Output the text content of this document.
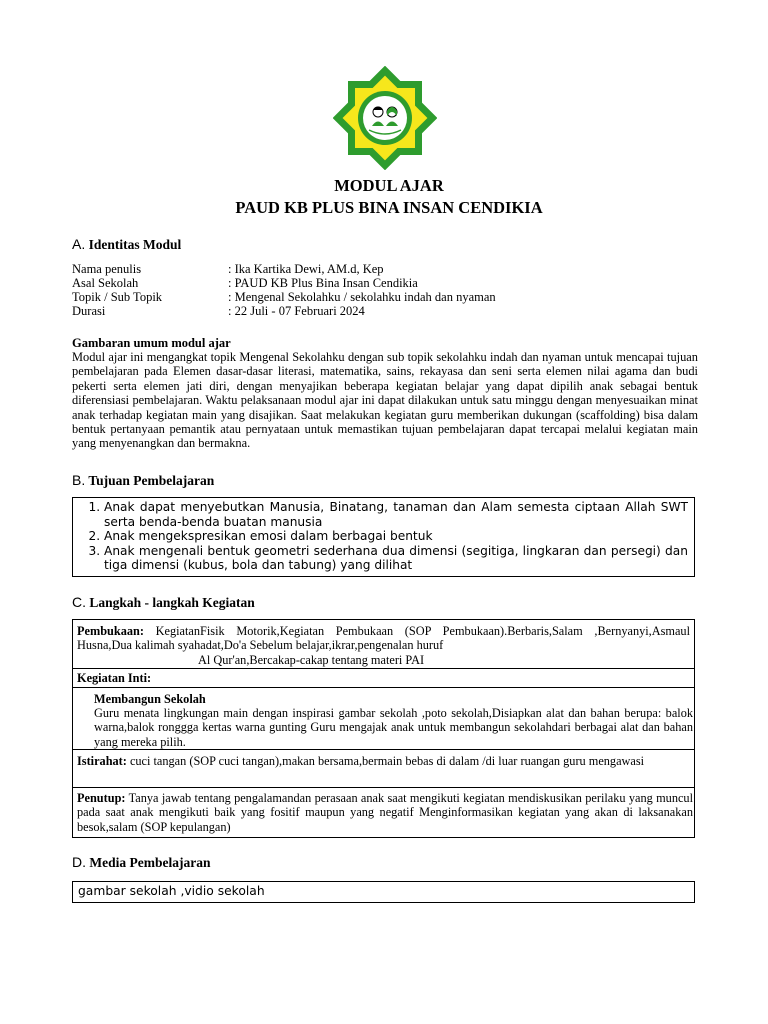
MODUL AJAR
PAUD KB PLUS BINA INSAN CENDIKIA
A. Identitas Modul
Nama penulis	: Ika Kartika Dewi, AM.d, Kep
Asal Sekolah	: PAUD KB Plus Bina Insan Cendikia
Topik / Sub Topik	: Mengenal Sekolahku / sekolahku indah dan nyaman
Durasi	: 22 Juli - 07 Februari 2024
Gambaran umum modul ajar
Modul ajar ini mengangkat topik Mengenal Sekolahku dengan sub topik sekolahku indah dan nyaman untuk mencapai tujuan pembelajaran pada Elemen dasar-dasar literasi, matematika, sains, rekayasa dan seni serta elemen nilai agama dan budi pekerti serta elemen jati diri, dengan menyajikan beberapa kegiatan belajar yang dapat dipilih anak sebagai bentuk diferensiasi pembelajaran. Waktu pelaksanaan modul ajar ini dapat dilakukan untuk satu minggu dengan menyesuaikan minat anak terhadap kegiatan main yang disajikan. Saat melakukan kegiatan guru memberikan dukungan (scaffolding) bisa dalam bentuk pertanyaan pemantik atau pernyataan untuk memastikan tujuan pembelajaran dapat tercapai melalui kegiatan main yang menyenangkan dan bermakna.
B. Tujuan Pembelajaran
1. Anak dapat menyebutkan Manusia, Binatang, tanaman dan Alam semesta ciptaan Allah SWT serta benda-benda buatan manusia
2. Anak mengekspresikan emosi dalam berbagai bentuk
3. Anak mengenali bentuk geometri sederhana dua dimensi (segitiga, lingkaran dan persegi) dan tiga dimensi (kubus, bola dan tabung) yang dilihat
C. Langkah - langkah Kegiatan
Pembukaan: KegiatanFisik Motorik,Kegiatan Pembukaan (SOP Pembukaan).Berbaris,Salam ,Bernyanyi,Asmaul Husna,Dua kalimah syahadat,Do'a Sebelum belajar,ikrar,pengenalan huruf
Al Qur'an,Bercakap-cakap tentang materi PAI
Kegiatan Inti:
Membangun Sekolah
Guru menata lingkungan main dengan inspirasi gambar sekolah ,poto sekolah,Disiapkan alat dan bahan berupa: balok warna,balok ronggga kertas warna gunting Guru mengajak anak untuk membangun sekolahdari berbagai alat dan bahan yang mereka pilih.
Istirahat: cuci tangan (SOP cuci tangan),makan bersama,bermain bebas di dalam /di luar ruangan guru mengawasi
Penutup: Tanya jawab tentang pengalamandan perasaan anak saat mengikuti kegiatan mendiskusikan perilaku yang muncul pada saat anak mengikuti baik yang fositif maupun yang negatif Menginformasikan kegiatan yang akan di laksanakan besok,salam (SOP kepulangan)
D. Media Pembelajaran
gambar sekolah ,vidio sekolah
